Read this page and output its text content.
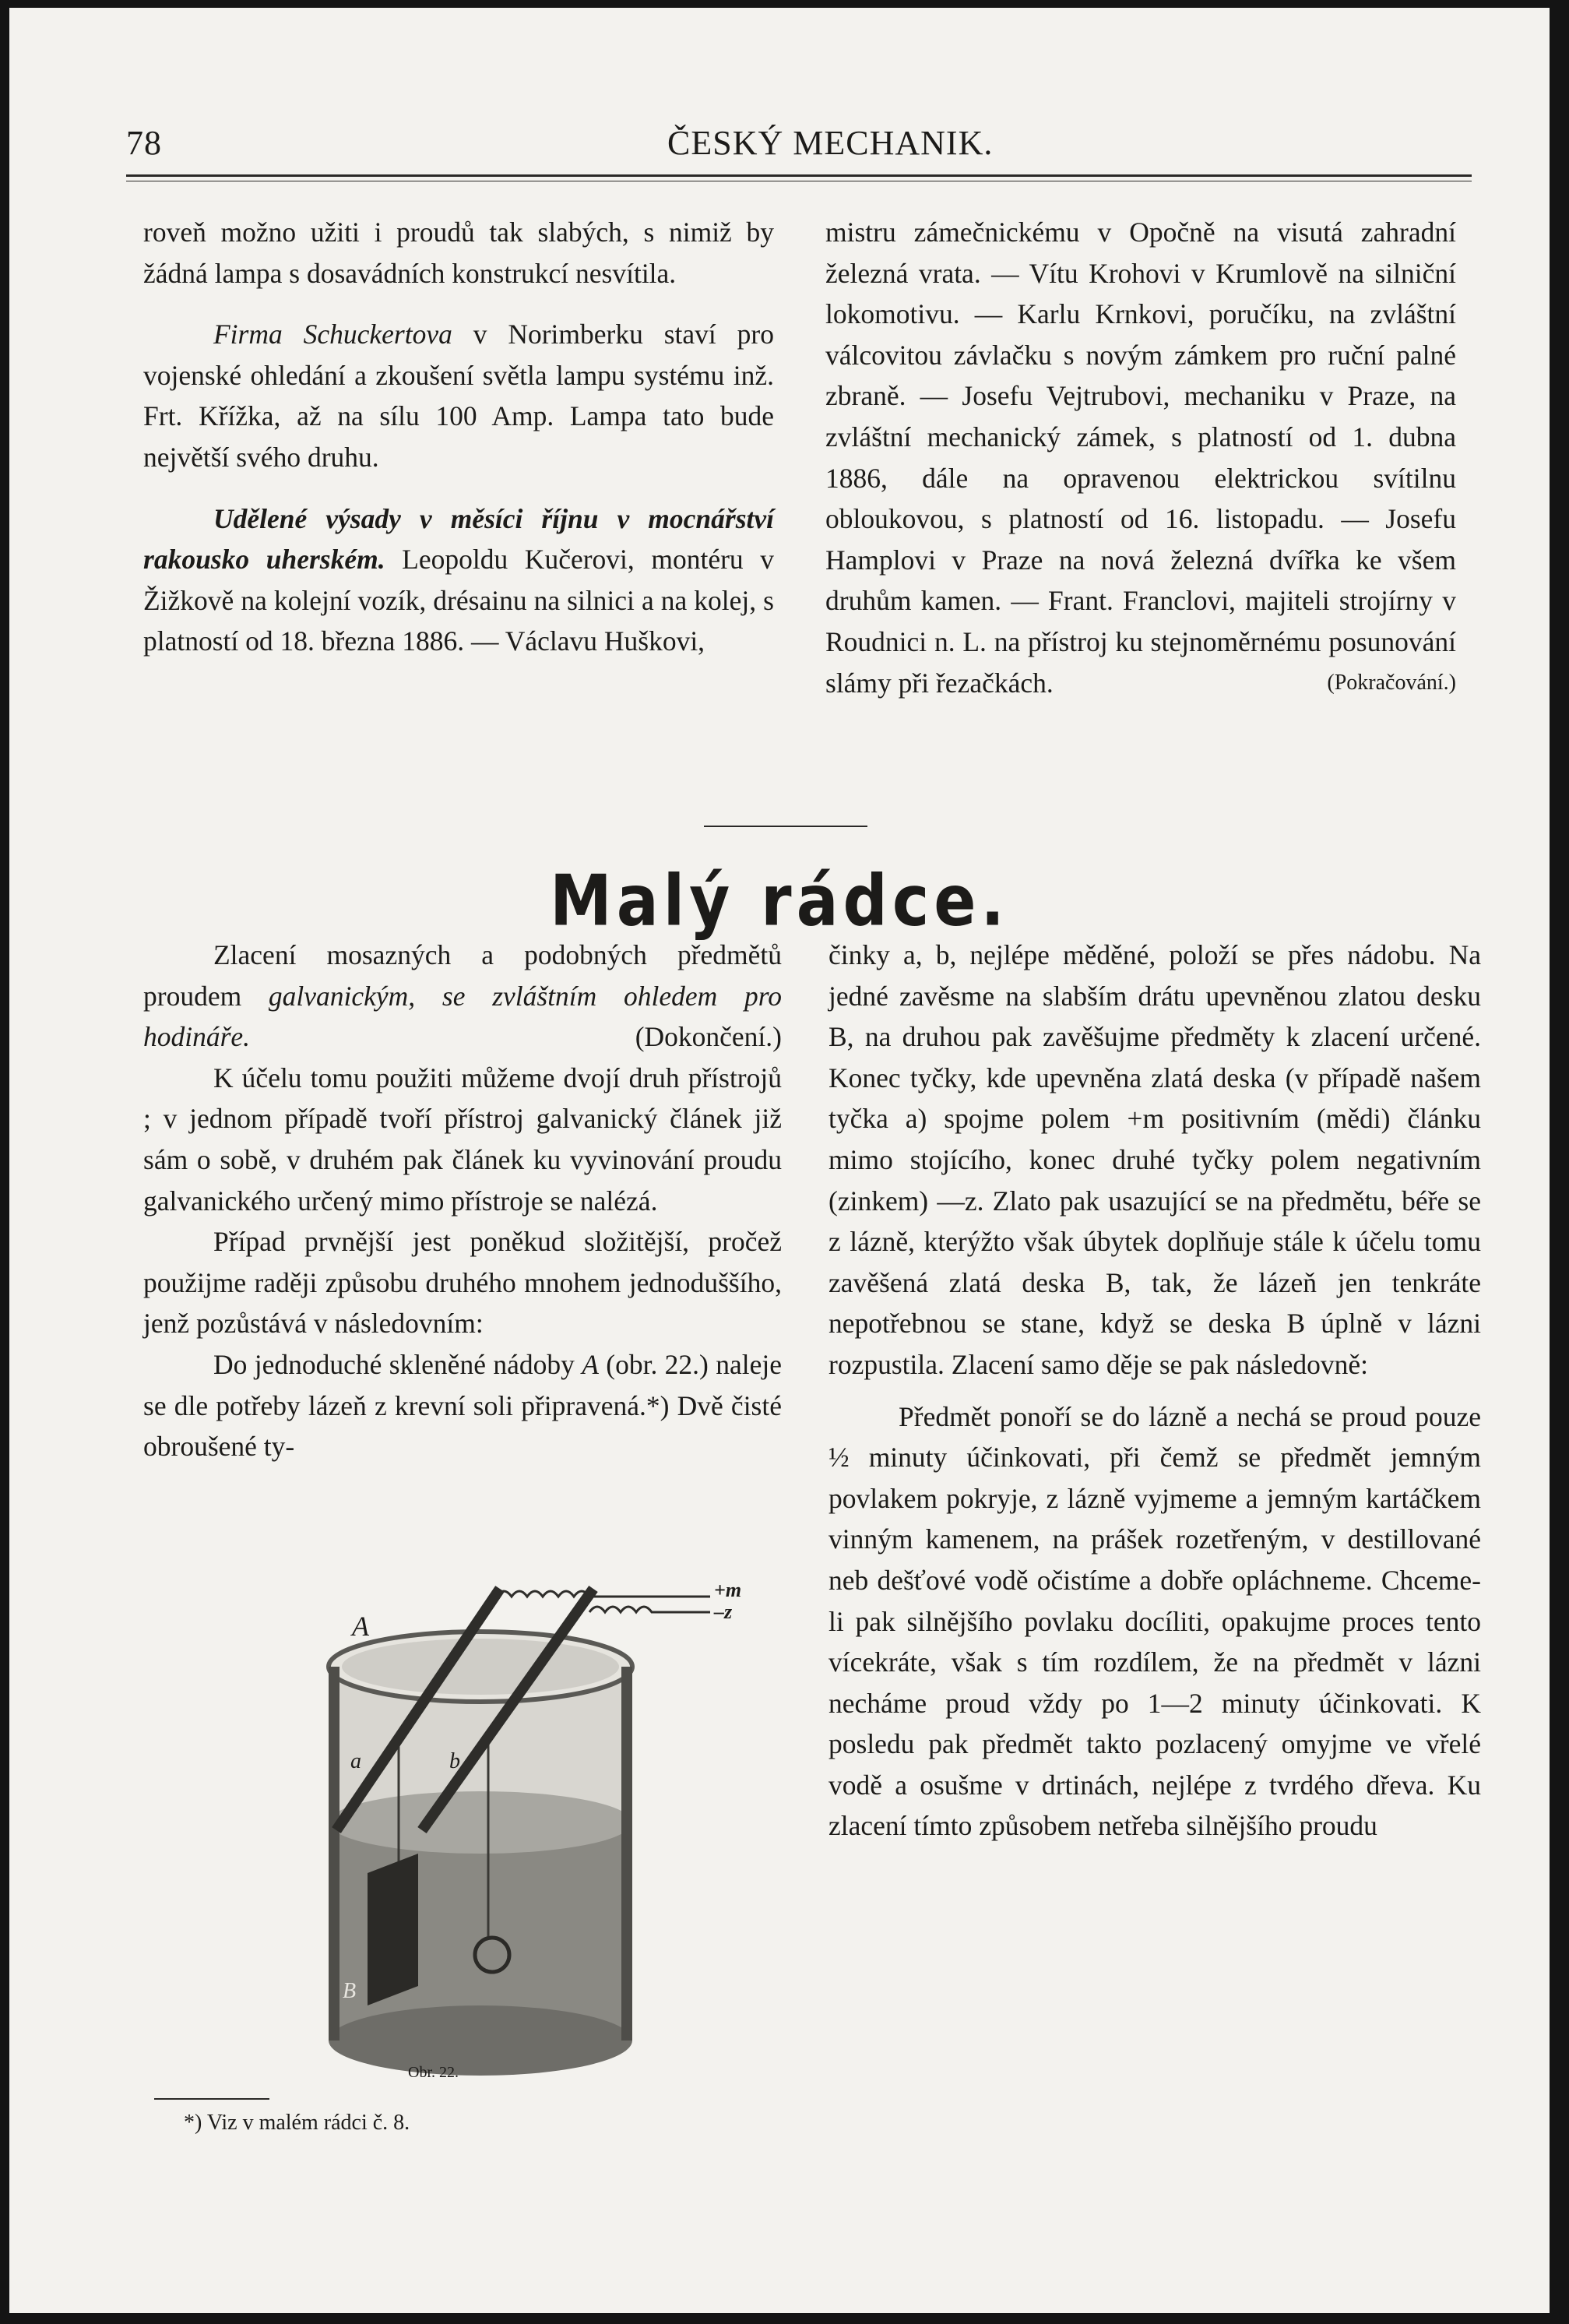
78	ČESKÝ MECHANIK.

roveň možno užiti i proudů tak slabých, s nimiž by žádná lampa s dosavádních konstrukcí nesvítila.

Firma Schuckertova v Norimberku staví pro vojenské ohledání a zkoušení světla lampu systému inž. Frt. Křížka, až na sílu 100 Amp. Lampa tato bude největší svého druhu.

Udělené výsady v měsíci říjnu v mocnářství rakousko uherském. Leopoldu Kučerovi, montéru v Žižkově na kolejní vozík, drésainu na silnici a na kolej, s platností od 18. března 1886. — Václavu Huškovi,

mistru zámečnickému v Opočně na visutá zahradní železná vrata. — Vítu Krohovi v Krumlově na silniční lokomotivu. — Karlu Krnkovi, poručíku, na zvláštní válcovitou závlačku s novým zámkem pro ruční palné zbraně. — Josefu Vejtrubovi, mechaniku v Praze, na zvláštní mechanický zámek, s platností od 1. dubna 1886, dále na opravenou elektrickou svítilnu obloukovou, s platností od 16. listopadu. — Josefu Hamplovi v Praze na nová železná dvířka ke všem druhům kamen. — Frant. Franclovi, majiteli strojírny v Roudnici n. L. na přístroj ku stejnoměrnému posunování slámy při řezačkách.	(Pokračování.)

Malý rádce.

Zlacení mosazných a podobných předmětů proudem galvanickým, se zvláštním ohledem pro hodináře.	(Dokončení.)

K účelu tomu použiti můžeme dvojí druh přístrojů ; v jednom případě tvoří přístroj galvanický článek již sám o sobě, v druhém pak článek ku vyvinování proudu galvanického určený mimo přístroje se nalézá.

Případ prvnější jest poněkud složitější, pročež použijme raději způsobu druhého mnohem jednoduššího, jenž pozůstává v následovním:

Do jednoduché skleněné nádoby A (obr. 22.) naleje se dle potřeby lázeň z krevní soli připravená.*) Dvě čisté obroušené ty-

A
a	b
B
+m
–z
Obr. 22.
*) Viz v malém rádci č. 8.

činky a, b, nejlépe měděné, položí se přes nádobu. Na jedné zavěsme na slabším drátu upevněnou zlatou desku B, na druhou pak zavěšujme předměty k zlacení určené. Konec tyčky, kde upevněna zlatá deska (v případě našem tyčka a) spojme polem +m positivním (mědi) článku mimo stojícího, konec druhé tyčky polem negativním (zinkem) —z. Zlato pak usazující se na předmětu, béře se z lázně, kterýžto však úbytek doplňuje stále k účelu tomu zavěšená zlatá deska B, tak, že lázeň jen tenkráte nepotřebnou se stane, když se deska B úplně v lázni rozpustila. Zlacení samo děje se pak následovně:

Předmět ponoří se do lázně a nechá se proud pouze ½ minuty účinkovati, při čemž se předmět jemným povlakem pokryje, z lázně vyjmeme a jemným kartáčkem vinným kamenem, na prášek rozetřeným, v destillované neb dešťové vodě očistíme a dobře opláchneme. Chceme-li pak silnějšího povlaku docíliti, opakujme proces tento vícekráte, však s tím rozdílem, že na předmět v lázni necháme proud vždy po 1—2 minuty účinkovati. K posledu pak předmět takto pozlacený omyjme ve vřelé vodě a osušme v drtinách, nejlépe z tvrdého dřeva. Ku zlacení tímto způsobem netřeba silnějšího proudu
